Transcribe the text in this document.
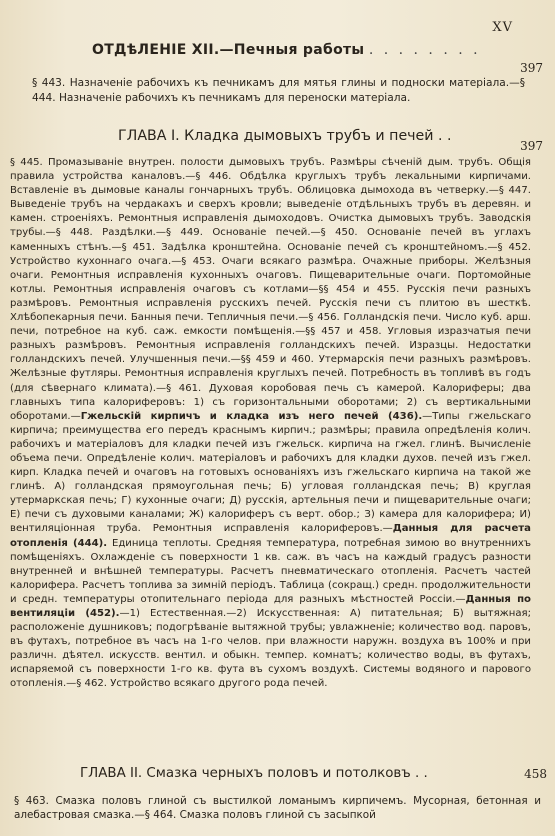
XV
ОТДѣЛЕНІЕ XII.—Печныя работы . . . . . . . .
397
§ 443. Назначеніе рабочихъ къ печникамъ для мятья глины и подноски матеріала.—§ 444. Назначеніе рабочихъ къ печникамъ для переноски матеріала.
ГЛАВА I. Кладка дымовыхъ трубъ и печей . .
397
§ 445. Промазываніе внутрен. полости дымовыхъ трубъ. Размѣры сѣченій дым. трубъ. Общія правила устройства каналовъ.—§ 446. Обдѣлка круглыхъ трубъ лекальными кирпичами. Вставленіе въ дымовые каналы гончарныхъ трубъ. Облицовка дымохода въ четверку.—§ 447. Выведеніе трубъ на чердакахъ и сверхъ кровли; выведеніе отдѣльныхъ трубъ въ деревян. и камен. строеніяхъ. Ремонтныя исправленія дымоходовъ. Очистка дымовыхъ трубъ. Заводскія трубы.—§ 448. Раздѣлки.—§ 449. Основаніе печей.—§ 450. Основаніе печей въ углахъ каменныхъ стѣнъ.—§ 451. Задѣлка кронштейна. Основаніе печей съ кронштейномъ.—§ 452. Устройство кухоннаго очага.—§ 453. Очаги всякаго размѣра. Очажные приборы. Желѣзныя очаги. Ремонтныя исправленія кухонныхъ очаговъ. Пищеварительные очаги. Портомойные котлы. Ремонтныя исправленія очаговъ съ котлами—§§ 454 и 455. Русскія печи разныхъ размѣровъ. Ремонтныя исправленія русскихъ печей. Русскія печи съ плитою въ шесткѣ. Хлѣбопекарныя печи. Банныя печи. Тепличныя печи.—§ 456. Голландскія печи. Число куб. арш. печи, потребное на куб. саж. емкости помѣщенія.—§§ 457 и 458. Угловыя изразчатыя печи разныхъ размѣровъ. Ремонтныя исправленія голландскихъ печей. Изразцы. Недостатки голландскихъ печей. Улучшенныя печи.—§§ 459 и 460. Утермарскія печи разныхъ размѣровъ. Желѣзные футляры. Ремонтныя исправленія круглыхъ печей. Потребность въ топливѣ въ годъ (для сѣвернаго климата).—§ 461. Духовая коробовая печь съ камерой. Калориферы; два главныхъ типа калориферовъ: 1) съ горизонтальными оборотами; 2) съ вертикальными оборотами.—Гжельскій кирпичъ и кладка изъ него печей (436).—Типы гжельскаго кирпича; преимущества его передъ краснымъ кирпич.; размѣры; правила опредѣленія колич. рабочихъ и матеріаловъ для кладки печей изъ гжельск. кирпича на гжел. глинѣ. Вычисленіе объема печи. Опредѣленіе колич. матеріаловъ и рабочихъ для кладки духов. печей изъ гжел. кирп. Кладка печей и очаговъ на готовыхъ основаніяхъ изъ гжельскаго кирпича на такой же глинѣ. А) голландская прямоугольная печь; Б) угловая голландская печь; В) круглая утермаркская печь; Г) кухонные очаги; Д) русскія, артельныя печи и пищеварительные очаги; Е) печи съ духовыми каналами; Ж) калориферъ съ верт. обор.; З) камера для калорифера; И) вентиляціонная труба. Ремонтныя исправленія калориферовъ.—Данныя для расчета отопленія (444). Единица теплоты. Средняя температура, потребная зимою во внутреннихъ помѣщеніяхъ. Охлажденіе съ поверхности 1 кв. саж. въ часъ на каждый градусъ разности внутренней и внѣшней температуры. Расчетъ пневматическаго отопленія. Расчетъ частей калорифера. Расчетъ топлива за зимній періодъ. Таблица (сокращ.) средн. продолжительности и средн. температуры отопительнаго періода для разныхъ мѣстностей Россіи.—Данныя по вентиляціи (452).—1) Естественная.—2) Искусственная: А) питательная; Б) вытяжная; расположеніе душниковъ; подогрѣваніе вытяжной трубы; увлажненіе; количество вод. паровъ, въ футахъ, потребное въ часъ на 1-го челов. при влажности наружн. воздуха въ 100% и при различн. дѣятел. искусств. вентил. и обыкн. темпер. комнатъ; количество воды, въ футахъ, испаряемой съ поверхности 1-го кв. фута въ сухомъ воздухѣ. Системы водяного и парового отопленія.—§ 462. Устройство всякаго другого рода печей.
ГЛАВА II. Смазка черныхъ половъ и потолковъ . .	458
§ 463. Смазка половъ глиной съ выстилкой ломанымъ кирпичемъ. Мусорная, бетонная и алебастровая смазка.—§ 464. Смазка половъ глиной съ засыпкой
